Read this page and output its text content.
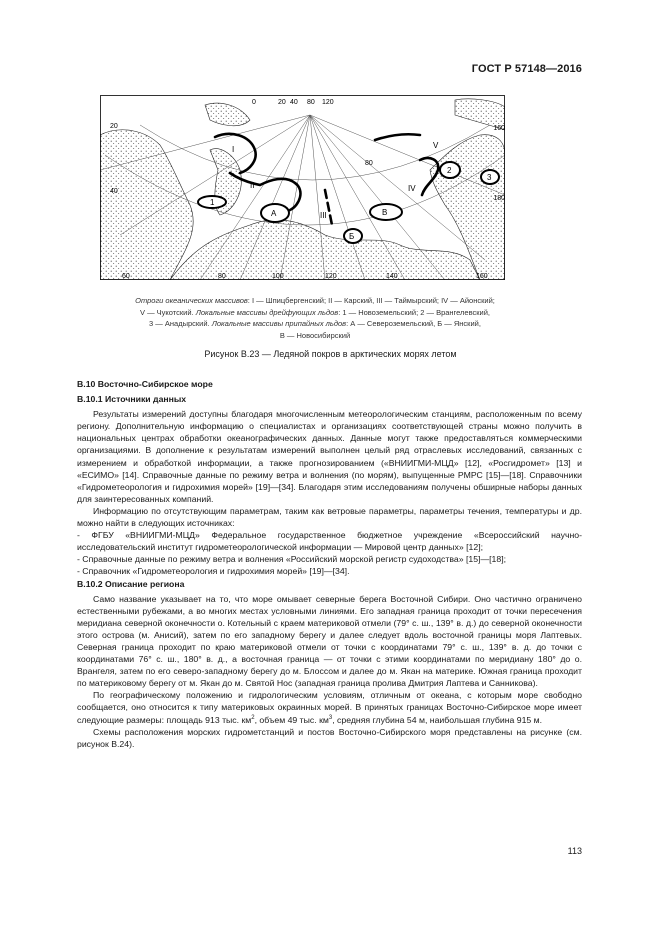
ГОСТ Р 57148—2016
0	20 40 80 120
20
40
160
180
60	80	100	120	140	160
80
I
II
III
IV
V
1
2
3
А
Б
В
Отроги океанических массивов: I — Шпицбергенский; II — Карский, III — Таймырский; IV — Айонский;
V — Чукотский. Локальные массивы дрейфующих льдов: 1 — Новоземельский; 2 — Врангелевский,
3 — Анадырский. Локальные массивы припайных льдов: А — Североземельский, Б — Янский,
В — Новосибирский
Рисунок В.23 — Ледяной покров в арктических морях летом
В.10 Восточно-Сибирское море
В.10.1 Источники данных

Результаты измерений доступны благодаря многочисленным метеорологическим станциям, расположенным по всему региону. Дополнительную информацию о специалистах и организациях соответствующей страны можно получить в национальных центрах обработки океанографических данных. Данные могут также предоставляться коммерческими организациями. В дополнение к результатам измерений выполнен целый ряд отраслевых исследований, связанных с измерением и обработкой информации, а также прогнозированием («ВНИИГМИ-МЦД» [12], «Росгидромет» [13] и «ЕСИМО» [14]. Справочные данные по режиму ветра и волнения (по морям), выпущенные РМРС [15]—[18]. Справочники «Гидрометеорология и гидрохимия морей» [19]—[34]. Благодаря этим исследованиям получены обширные наборы данных для заинтересованных компаний.

Информацию по отсутствующим параметрам, таким как ветровые параметры, параметры течения, температуры и др. можно найти в следующих источниках:

- ФГБУ «ВНИИГМИ-МЦД» Федеральное государственное бюджетное учреждение «Всероссийский научно-исследовательский институт гидрометеорологической информации — Мировой центр данных» [12];

- Справочные данные по режиму ветра и волнения «Российский морской регистр судоходства» [15]—[18];

- Справочник «Гидрометеорология и гидрохимия морей» [19]—[34].

В.10.2 Описание региона

Само название указывает на то, что море омывает северные берега Восточной Сибири. Оно частично ограничено естественными рубежами, а во многих местах условными линиями. Его западная граница проходит от точки пересечения меридиана северной оконечности о. Котельный с краем материковой отмели (79° с. ш., 139° в. д.) до северной оконечности этого острова (м. Анисий), затем по его западному берегу и далее следует вдоль восточной границы моря Лаптевых. Северная граница проходит по краю материковой отмели от точки с координатами 79° с. ш., 139° в. д. до точки с координатами 76° с. ш., 180° в. д., а восточная граница — от точки с этими координатами по меридиану 180° до о. Врангеля, затем по его северо-западному берегу до м. Блоссом и далее до м. Якан на материке. Южная граница проходит по материковому берегу от м. Якан до м. Святой Нос (западная граница пролива Дмитрия Лаптева и Санникова).

По географическому положению и гидрологическим условиям, отличным от океана, с которым море свободно сообщается, оно относится к типу материковых окраинных морей. В принятых границах Восточно-Сибирское море имеет следующие размеры: площадь 913 тыс. $км^2$, объем 49 тыс. $км^3$, средняя глубина 54 м, наибольшая глубина 915 м.

Схемы расположения морских гидрометстанций и постов Восточно-Сибирского моря представлены на рисунке (см. рисунок В.24).

113
